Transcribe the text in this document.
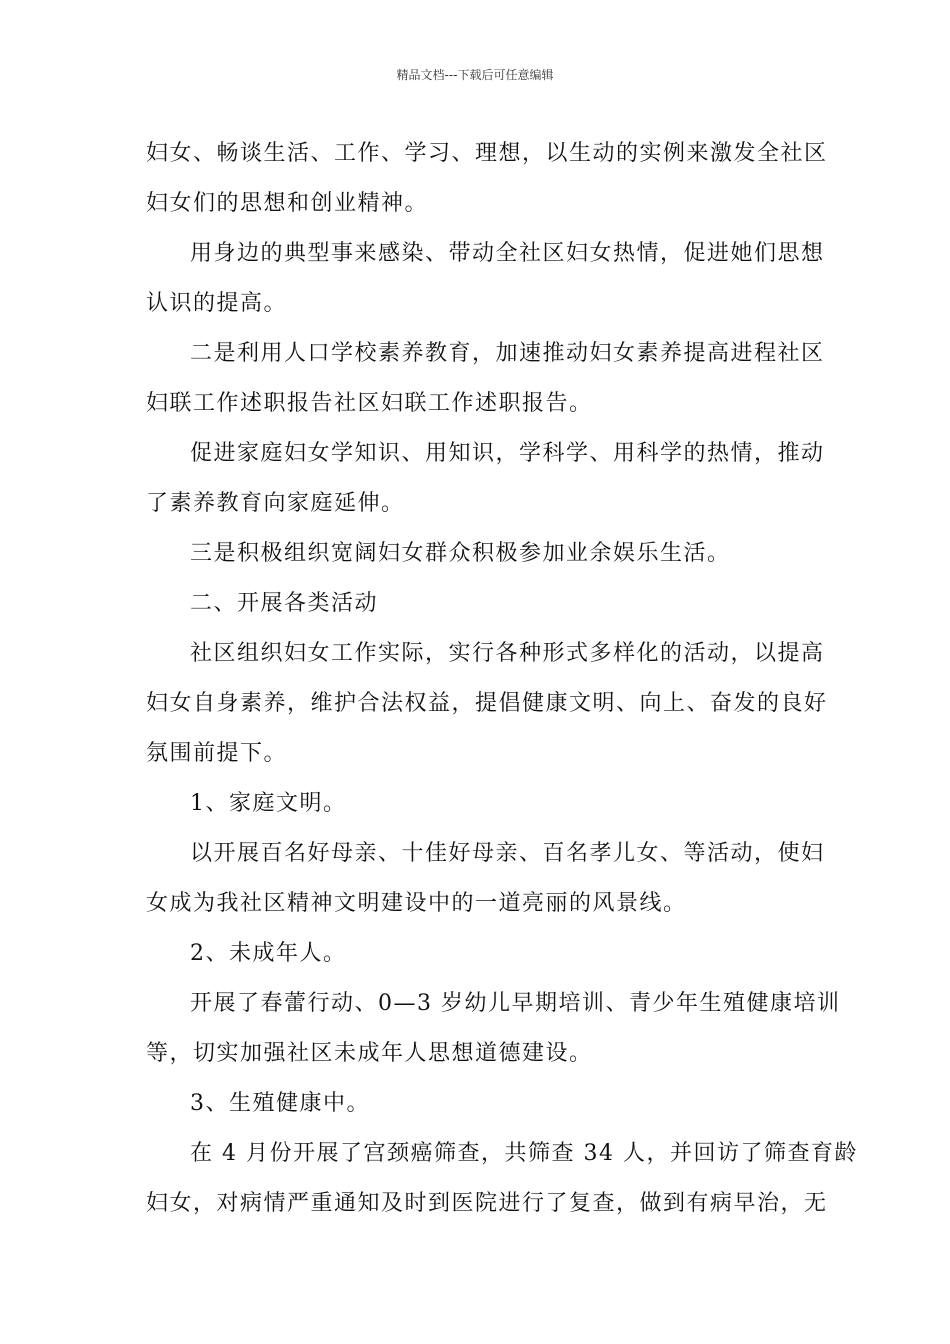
精品文档---下载后可任意编辑
妇女、畅谈生活、工作、学习、理想，以生动的实例来激发全社区
妇女们的思想和创业精神。
用身边的典型事来感染、带动全社区妇女热情，促进她们思想
认识的提高。
二是利用人口学校素养教育，加速推动妇女素养提高进程社区
妇联工作述职报告社区妇联工作述职报告。
促进家庭妇女学知识、用知识，学科学、用科学的热情，推动
了素养教育向家庭延伸。
三是积极组织宽阔妇女群众积极参加业余娱乐生活。
二、开展各类活动
社区组织妇女工作实际，实行各种形式多样化的活动，以提高
妇女自身素养，维护合法权益，提倡健康文明、向上、奋发的良好
氛围前提下。
1、家庭文明。
以开展百名好母亲、十佳好母亲、百名孝儿女、等活动，使妇
女成为我社区精神文明建设中的一道亮丽的风景线。
2、未成年人。
开展了春蕾行动、0—3 岁幼儿早期培训、青少年生殖健康培训
等，切实加强社区未成年人思想道德建设。
3、生殖健康中。
在 4 月份开展了宫颈癌筛查，共筛查 34 人，并回访了筛查育龄
妇女，对病情严重通知及时到医院进行了复查，做到有病早治，无
